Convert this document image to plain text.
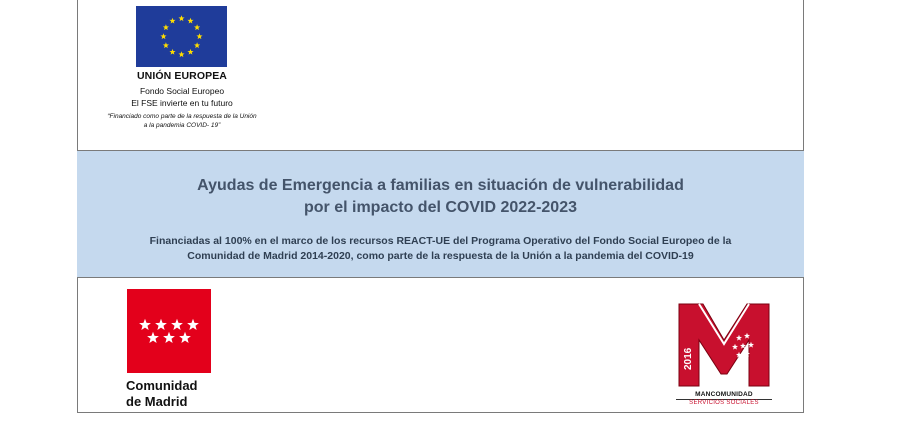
UNIÓN EUROPEA
Fondo Social Europeo
El FSE invierte en tu futuro
“Financiado como parte de la respuesta de la Unión
a la pandemia COVID- 19”
Ayudas de Emergencia a familias en situación de vulnerabilidad
por el impacto del COVID 2022-2023
Financiadas al 100% en el marco de los recursos REACT-UE del Programa Operativo del Fondo Social Europeo de la
Comunidad de Madrid 2014-2020, como parte de la respuesta de la Unión a la pandemia del COVID-19
Comunidad
de Madrid
2016
MANCOMUNIDAD
SERVICIOS SOCIALES
